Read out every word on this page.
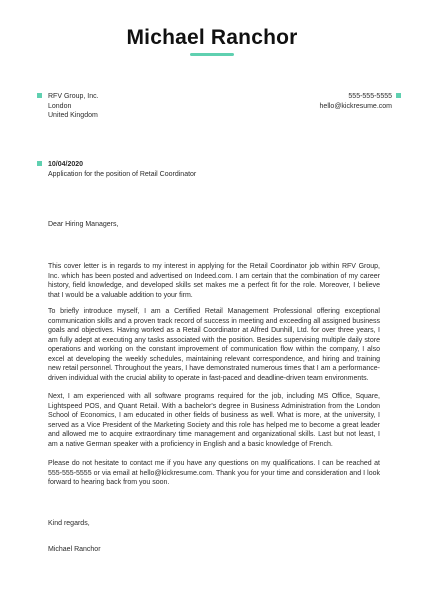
Michael Ranchor
RFV Group, Inc.
London
United Kingdom
555-555-5555
hello@kickresume.com
10/04/2020
Application for the position of Retail Coordinator
Dear Hiring Managers,

This cover letter is in regards to my interest in applying for the Retail Coordinator job within RFV Group, Inc. which has been posted and advertised on Indeed.com. I am certain that the combination of my career history, field knowledge, and developed skills set makes me a perfect fit for the role. Moreover, I believe that I would be a valuable addition to your firm.

To briefly introduce myself, I am a Certified Retail Management Professional offering exceptional communication skills and a proven track record of success in meeting and exceeding all assigned business goals and objectives. Having worked as a Retail Coordinator at Alfred Dunhill, Ltd. for over three years, I am fully adept at executing any tasks associated with the position. Besides supervising multiple daily store operations and working on the constant improvement of communication flow within the company, I also excel at developing the weekly schedules, maintaining relevant correspondence, and hiring and training new retail personnel. Throughout the years, I have demonstrated numerous times that I am a performance-driven individual with the crucial ability to operate in fast-paced and deadline-driven team environments.

Next, I am experienced with all software programs required for the job, including MS Office, Square, Lightspeed POS, and Quant Retail. With a bachelor's degree in Business Administration from the London School of Economics, I am educated in other fields of business as well. What is more, at the university, I served as a Vice President of the Marketing Society and this role has helped me to become a great leader and allowed me to acquire extraordinary time management and organizational skills. Last but not least, I am a native German speaker with a proficiency in English and a basic knowledge of French.

Please do not hesitate to contact me if you have any questions on my qualifications. I can be reached at 555-555-5555 or via email at hello@kickresume.com. Thank you for your time and consideration and I look forward to hearing back from you soon.

Kind regards,
Michael Ranchor
